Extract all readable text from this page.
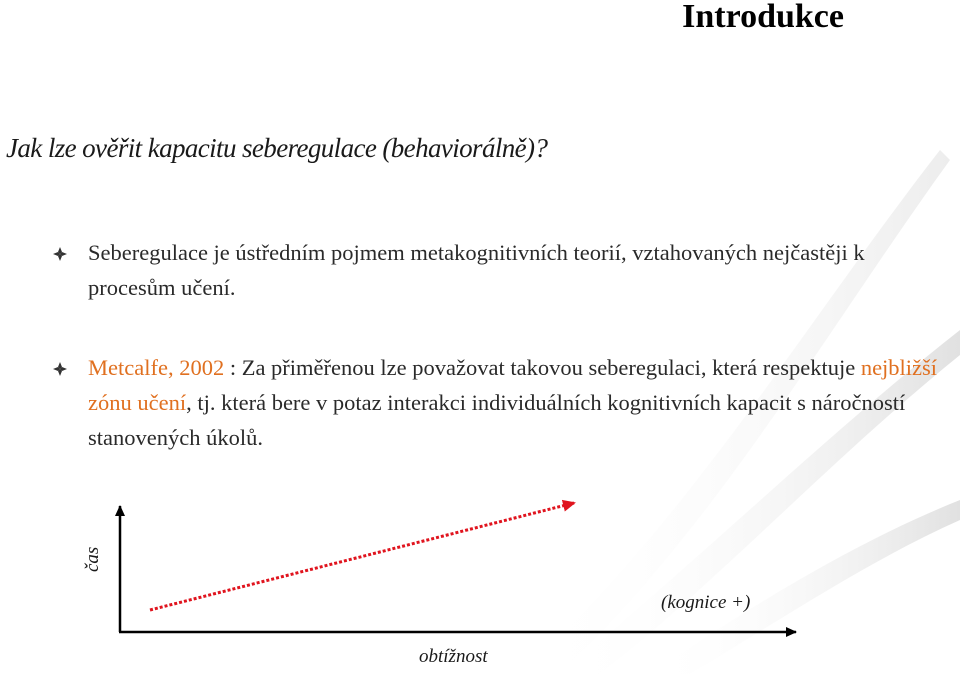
Introdukce
Jak lze ověřit kapacitu seberegulace (behaviorálně)?
Seberegulace je ústředním pojmem metakognitivních teorií, vztahovaných nejčastěji k procesům učení.
Metcalfe, 2002 : Za přiměřenou lze považovat takovou seberegulaci, která respektuje nejbližší zónu učení, tj. která bere v potaz interakci individuálních kognitivních kapacit s náročností stanovených úkolů.
čas
obtížnost
(kognice +)
